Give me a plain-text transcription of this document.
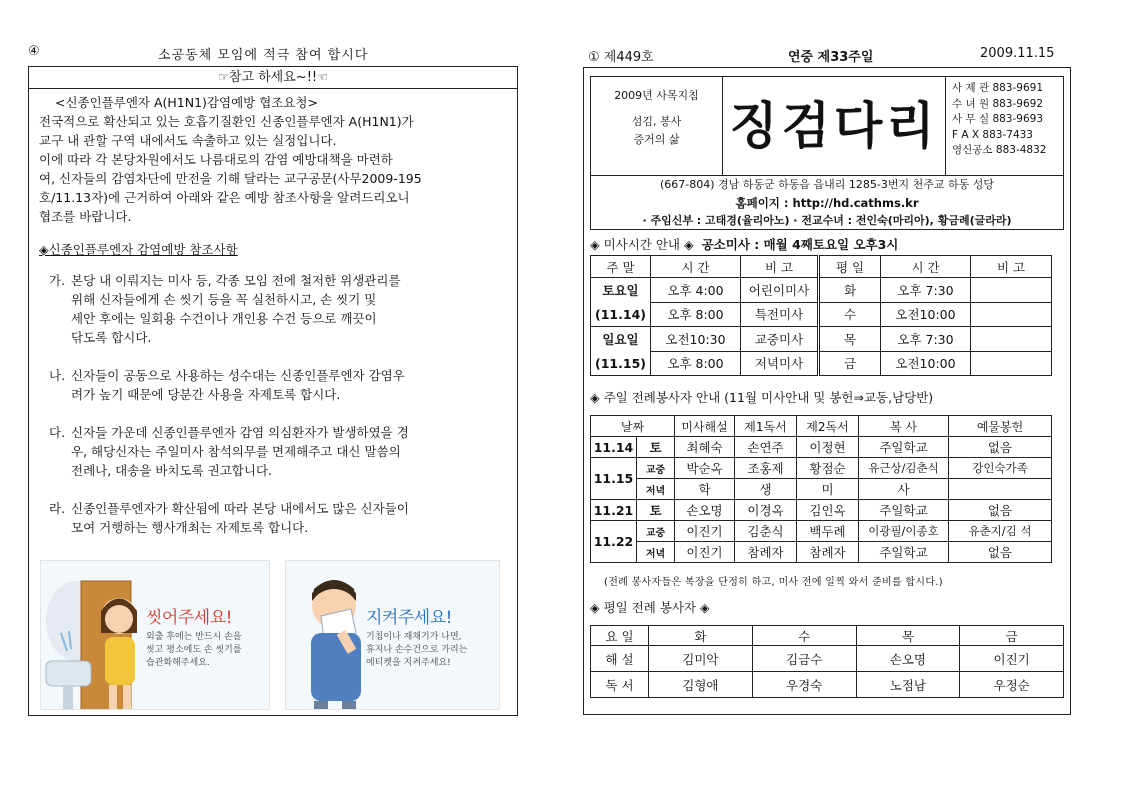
④	소공동체 모임에 적극 참여 합시다
☞참고 하세요~!!☜
<신종인플루엔자 A(H1N1)감염예방 협조요청>

전국적으로 확산되고 있는 호흡기질환인 신종인플루엔자 A(H1N1)가

교구 내 관할 구역 내에서도 속출하고 있는 실정입니다.

이에 따라 각 본당차원에서도 나름대로의 감염 예방대책을 마련하

여, 신자들의 감염차단에 만전을 기해 달라는 교구공문(사무2009-195

호/11.13자)에 근거하여 아래와 같은 예방 참조사항을 알려드리오니

협조를 바랍니다.

◈신종인플루엔자 감염예방 참조사항
가. 본당 내 이뤄지는 미사 등, 각종 모임 전에 철저한 위생관리를
위해 신자들에게 손 씻기 등을 꼭 실천하시고, 손 씻기 및
세안 후에는 일회용 수건이나 개인용 수건 등으로 깨끗이
닦도록 합시다.
나. 신자들이 공동으로 사용하는 성수대는 신종인플루엔자 감염우
려가 높기 때문에 당분간 사용을 자제토록 합시다.
다. 신자들 가운데 신종인플루엔자 감염 의심환자가 발생하였을 경
우, 해당신자는 주일미사 참석의무를 면제해주고 대신 말씀의
전례나, 대송을 바치도록 권고합니다.
라. 신종인플루엔자가 확산됨에 따라 본당 내에서도 많은 신자들이
모여 거행하는 행사개최는 자제토록 합니다.
씻어주세요!
외출 후에는 반드시 손을
씻고 평소에도 손 씻기를
습관화해주세요.
지켜주세요!
기침이나 재채기가 나면,
휴지나 손수건으로 가리는
에티켓을 지켜주세요!
① 제449호	연중 제33주일	2009.11.15
2009년 사목지침
섬김, 봉사
증거의 삶 징검다리
사 제 관 883-9691
수 녀 원 883-9692
사 무 실 883-9693
F A X 883-7433
영신공소 883-4832
(667-804) 경남 하동군 하동읍 읍내리 1285-3번지 천주교 하동 성당
홈페이지 : http://hd.cathms.kr
· 주임신부 : 고태경(율리아노) · 전교수녀 : 전인숙(마리아), 황금례(글라라)
◈ 미사시간 안내 ◈ 공소미사 : 매월 4째토요일 오후3시
주 말	시 간	비 고	평 일	시 간	비 고
토요일	오후 4:00	어린이미사	화	오후 7:30	
(11.14)	오후 8:00	특전미사	수	오전10:00	
일요일	오전10:30	교중미사	목	오후 7:30	
(11.15)	오후 8:00	저녁미사	금	오전10:00	
◈ 주일 전례봉사자 안내 (11월 미사안내 및 봉헌⇒교동,남당반)
날짜		미사해설	제1독서	제2독서	복 사	예물봉헌
11.14	토	최혜숙	손연주	이정현	주일학교	없음
11.15	교중	박순옥	조홍제	황점순	유근상/김춘식	강인숙가족
	저녁	학	생	미	사	
11.21	토	손오명	이경옥	김인옥	주일학교	없음
11.22	교중	이진기	김춘식	백두례	이광필/이종호	유춘지/김 석
	저녁	이진기	참례자	참례자	주일학교	없음
(전례 봉사자들은 복장을 단정히 하고, 미사 전에 일찍 와서 준비를 합시다.)
◈ 평일 전례 봉사자 ◈
요 일	화	수	목	금
해 설	김미악	김금수	손오명	이진기
독 서	김형애	우경숙	노점남	우정순
